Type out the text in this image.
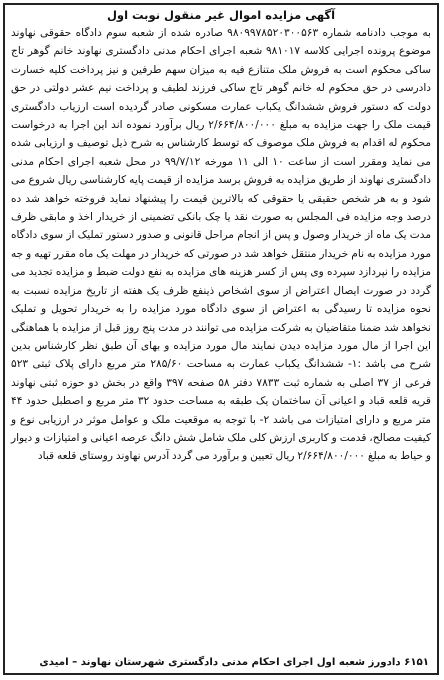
آگهی مزایده اموال غیر منقول نوبت اول

به موجب دادنامه شماره ۹۸۰۹۹۷۸۵۲۰۳۰۰۵۶۳ صادره شده از شعبه سوم دادگاه حقوقی نهاوند موضوع پرونده اجرایی کلاسه ۹۸۱۰۱۷ شعبه اجرای احکام مدنی دادگستری نهاوند خانم گوهر تاج ساکی محکوم است به فروش ملک متنازع فیه به میزان سهم طرفین و نیز پرداخت کلیه خسارت دادرسی در حق محکوم له خانم گوهر تاج ساکی فرزند لطیف و پرداخت نیم عشر دولتی در حق دولت که دستور فروش ششدانگ یکباب عمارت مسکونی صادر گردیده است ارزیاب دادگستری قیمت ملک را جهت مزایده به مبلغ ۲/۶۶۴/۸۰۰/۰۰۰ ریال برآورد نموده اند این اجرا به درخواست محکوم له اقدام به فروش ملک موصوف که توسط کارشناس به شرح ذیل توصیف و ارزیابی شده می نماید ومقرر است از ساعت ۱۰ الی ۱۱ مورخه ۹۹/۷/۱۲ در محل شعبه اجرای احکام مدنی دادگستری نهاوند از طریق مزایده به فروش برسد مزایده از قیمت پایه کارشناسی ریال شروع می شود و به هر شخص حقیقی یا حقوقی که بالاترین قیمت را پیشنهاد نماید فروخته خواهد شد ده درصد وجه مزایده فی المجلس به صورت نقد یا چک بانکی تضمینی از خریدار اخذ و مابقی ظرف مدت یک ماه از خریدار وصول و پس از انجام مراحل قانونی و صدور دستور تملیک از سوی دادگاه مورد مزایده به نام خریدار منتقل خواهد شد در صورتی که خریدار در مهلت یک ماه مقرر تهیه و جه مزایده را نپردازد سپرده وی پس از کسر هزینه های مزایده به نفع دولت ضبط و مزایده تجدید می گردد در صورت ایصال اعتراض از سوی اشخاص ذینفع ظرف یک هفته از تاریخ مزایده نسبت به نحوه مزایده تا رسیدگی به اعتراض از سوی دادگاه مورد مزایده را به خریدار تحویل و تملیک نخواهد شد ضمنا متقاضیان به شرکت مزایده می توانند در مدت پنج روز قبل از مزایده با هماهنگی این اجرا از مال مورد مزایده دیدن نمایند مال مورد مزایده و بهای آن طبق نظر کارشناس بدین شرح می باشد :۱- ششدانگ یکباب عمارت به مساحت ۲۸۵/۶۰ متر مربع دارای پلاک ثبتی ۵۲۳ فرعی از ۳۷ اصلی به شماره ثبت ۷۸۳۳ دفتر ۵۸ صفحه ۳۹۷ واقع در بخش دو حوزه ثبتی نهاوند قریه قلعه قباد و اعیانی آن ساختمان یک طبقه به مساحت حدود ۳۲ متر مربع و اصطبل حدود ۴۴ متر مربع و دارای امتیازات می باشد ۲- با توجه به موقعیت ملک و عوامل موثر در ارزیابی نوع و کیفیت مصالح، قدمت و کاربری ارزش کلی ملک شامل شش دانگ عرصه اعیانی و امتیازات و دیوار و حیاط به مبلغ ۲/۶۶۴/۸۰۰/۰۰۰ ریال تعیین و برآورد می گردد آدرس نهاوند روستای قلعه قباد

۶۱۵۱ دادورز شعبه اول اجرای احکام مدنی دادگستری شهرستان نهاوند – امیدی
